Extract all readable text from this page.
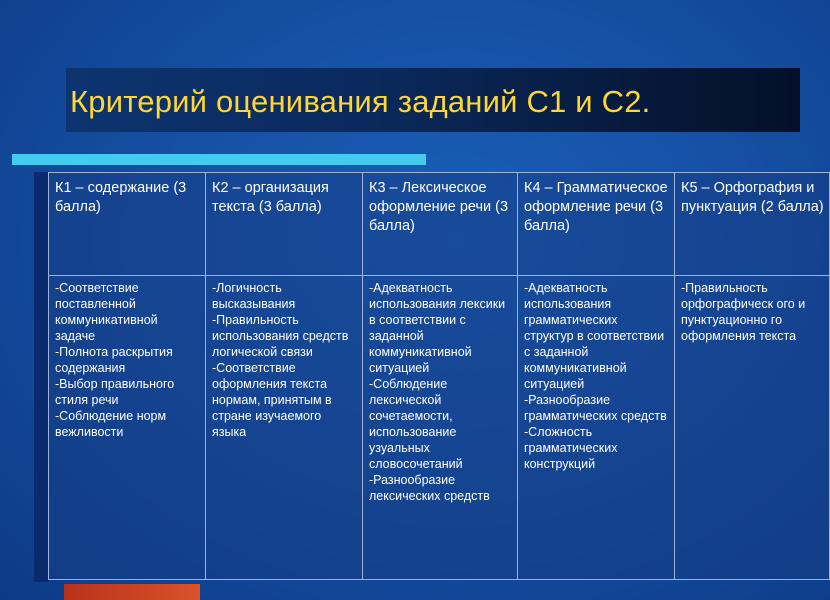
Критерий оценивания заданий С1 и С2.
К1 – содержание (3 балла)	К2 – организация текста (3 балла)	К3 – Лексическое оформление речи (3 балла)	К4 – Грамматическое оформление речи (3 балла)	К5 – Орфография и пунктуация (2 балла)

-Соответствие поставленной коммуникативной задаче
-Полнота раскрытия содержания
-Выбор правильного стиля речи
-Соблюдение норм вежливости	-Логичность высказывания
-Правильность использования средств логической связи
-Соответствие оформления текста нормам, принятым в стране изучаемого языка	-Адекватность использования лексики в соответствии с заданной коммуникативной ситуацией
-Соблюдение лексической сочетаемости, использование узуальных словосочетаний
-Разнообразие лексических средств	-Адекватность использования грамматических структур в соответствии с заданной коммуникативной ситуацией
-Разнообразие грамматических средств
-Сложность грамматических конструкций	-Правильность орфографическ ого и пунктуационно го оформления текста
